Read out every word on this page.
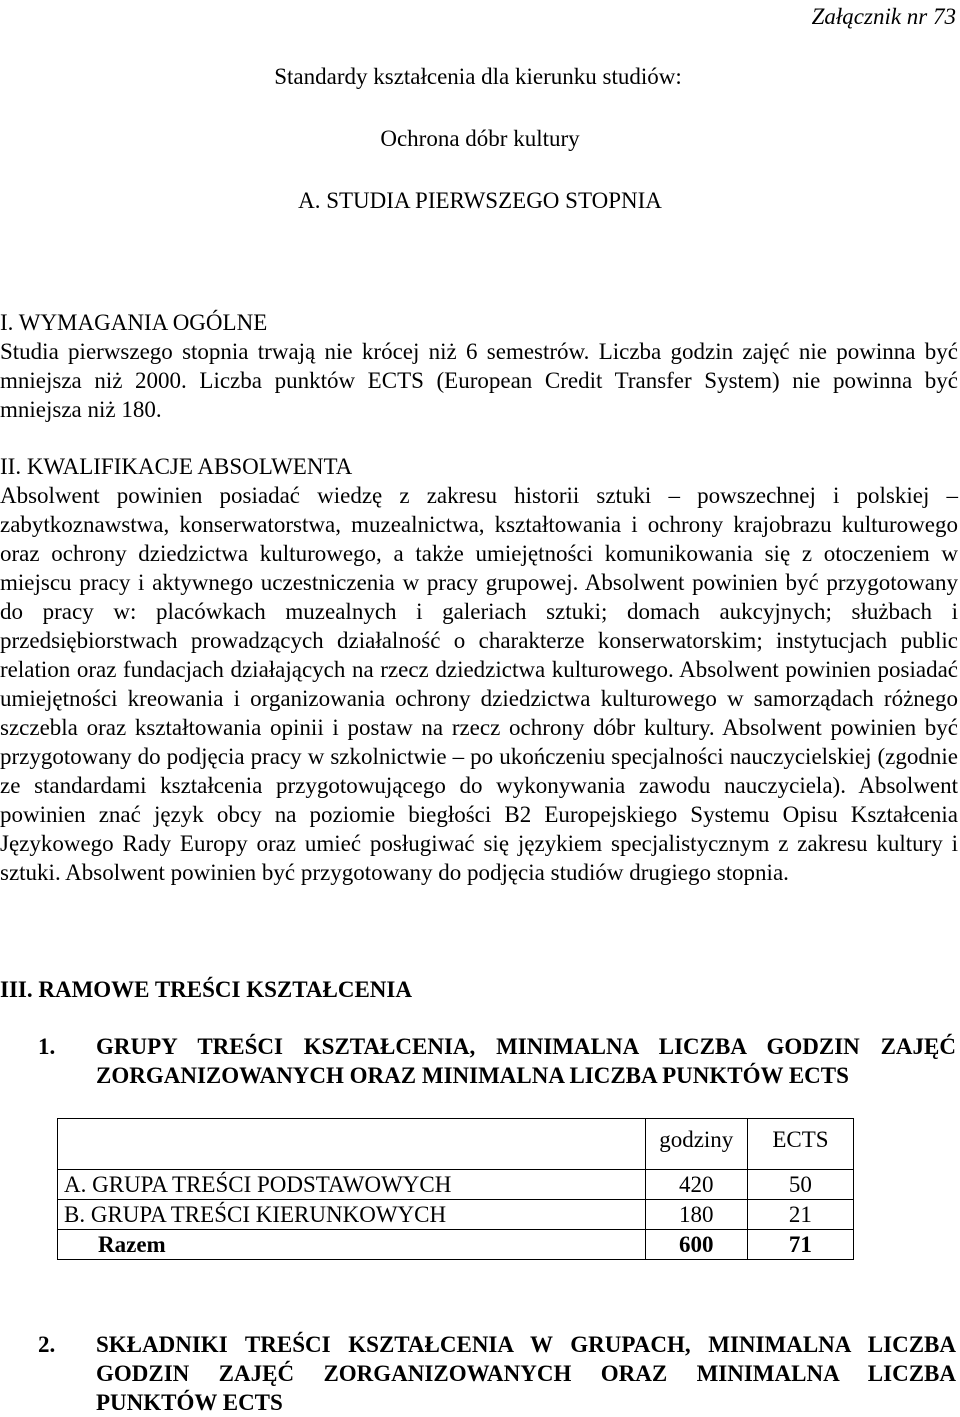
Załącznik nr 73
Standardy kształcenia dla kierunku studiów:
Ochrona dóbr kultury
A. STUDIA PIERWSZEGO STOPNIA
I. WYMAGANIA OGÓLNE
Studia pierwszego stopnia trwają nie krócej niż 6 semestrów. Liczba godzin zajęć nie powinna być mniejsza niż 2000. Liczba punktów ECTS (European Credit Transfer System) nie powinna być mniejsza niż 180.
II. KWALIFIKACJE ABSOLWENTA
Absolwent powinien posiadać wiedzę z zakresu historii sztuki – powszechnej i polskiej – zabytkoznawstwa, konserwatorstwa, muzealnictwa, kształtowania i ochrony krajobrazu kulturowego oraz ochrony dziedzictwa kulturowego, a także umiejętności komunikowania się z otoczeniem w miejscu pracy i aktywnego uczestniczenia w pracy grupowej. Absolwent powinien być przygotowany do pracy w: placówkach muzealnych i galeriach sztuki; domach aukcyjnych; służbach i przedsiębiorstwach prowadzących działalność o charakterze konserwatorskim; instytucjach public relation oraz fundacjach działających na rzecz dziedzictwa kulturowego. Absolwent powinien posiadać umiejętności kreowania i organizowania ochrony dziedzictwa kulturowego w samorządach różnego szczebla oraz kształtowania opinii i postaw na rzecz ochrony dóbr kultury. Absolwent powinien być przygotowany do podjęcia pracy w szkolnictwie – po ukończeniu specjalności nauczycielskiej (zgodnie ze standardami kształcenia przygotowującego do wykonywania zawodu nauczyciela). Absolwent powinien znać język obcy na poziomie biegłości B2 Europejskiego Systemu Opisu Kształcenia Językowego Rady Europy oraz umieć posługiwać się językiem specjalistycznym z zakresu kultury i sztuki. Absolwent powinien być przygotowany do podjęcia studiów drugiego stopnia.
III. RAMOWE TREŚCI KSZTAŁCENIA
1. GRUPY TREŚCI KSZTAŁCENIA, MINIMALNA LICZBA GODZIN ZAJĘĆ ZORGANIZOWANYCH ORAZ MINIMALNA LICZBA PUNKTÓW ECTS
	godziny	ECTS
A. GRUPA TREŚCI PODSTAWOWYCH	420	50
B. GRUPA TREŚCI KIERUNKOWYCH	180	21
Razem	600	71
2. SKŁADNIKI TREŚCI KSZTAŁCENIA W GRUPACH, MINIMALNA LICZBA GODZIN ZAJĘĆ ZORGANIZOWANYCH ORAZ MINIMALNA LICZBA PUNKTÓW ECTS
